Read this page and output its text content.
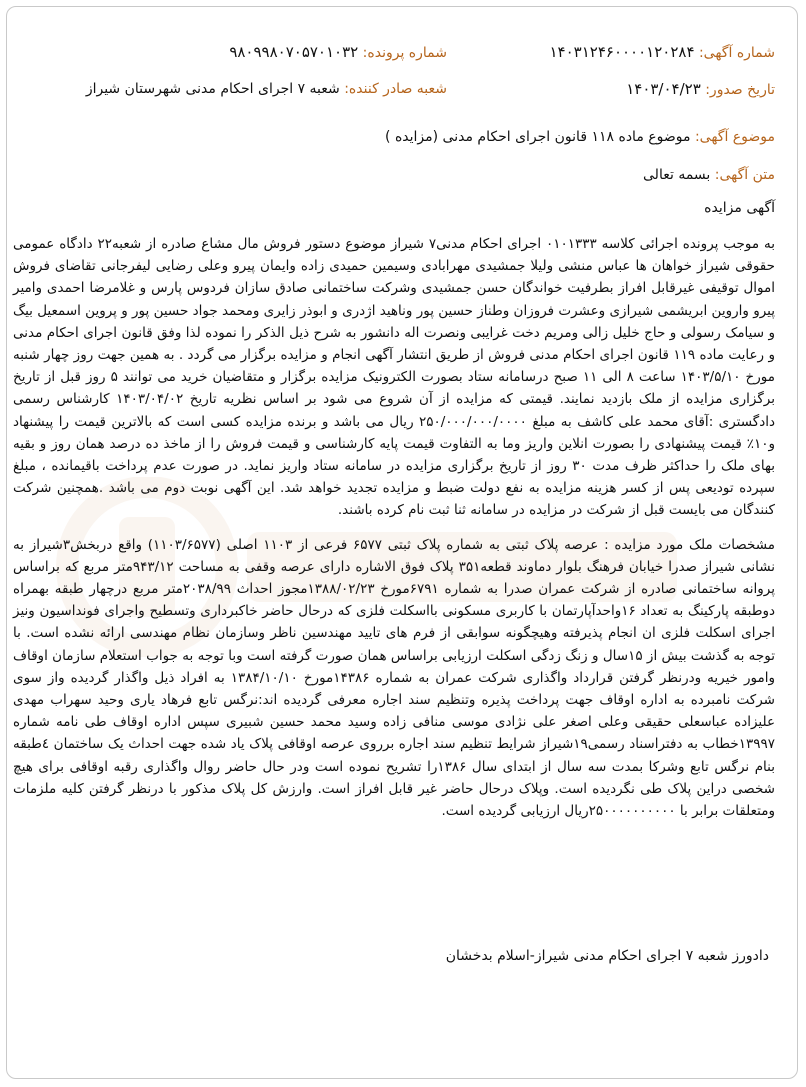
شماره آگهی: ۱۴۰۳۱۲۴۶۰۰۰۰۱۲۰۲۸۴
شماره پرونده: ۹۸۰۹۹۸۰۷۰۵۷۰۱۰۳۲
تاریخ صدور: ۱۴۰۳/۰۴/۲۳
شعبه صادر کننده: شعبه ۷ اجرای احکام مدنی شهرستان شیراز
موضوع آگهی: موضوع ماده ۱۱۸ قانون اجرای احکام مدنی (مزایده )
متن آگهی: بسمه تعالی
آگهی مزایده

به موجب پرونده اجرائی کلاسه ۰۱۰۱۳۳۳ اجرای احکام مدنی۷ شیراز موضوع دستور فروش مال مشاع صادره از شعبه۲۲ دادگاه عمومی حقوقی شیراز خواهان ها عباس منشی ولیلا جمشیدی مهرابادی وسیمین حمیدی زاده وایمان پیرو وعلی رضایی لیفرجانی تقاضای فروش اموال توقیفی غیرقابل افراز بطرفیت خواندگان حسن جمشیدی وشرکت ساختمانی صادق سازان فردوس پارس و غلامرضا احمدی وامیر پیرو واروین ابریشمی شیرازی وعشرت فروزان وطناز حسین پور وناهید اژدری و ابوذر زایری ومحمد جواد حسین پور و پروین اسمعیل بیگ و سیامک رسولی و حاج خلیل زالی ومریم دخت غرایبی ونصرت اله دانشور به شرح ذیل الذکر را نموده لذا وفق قانون اجرای احکام مدنی و رعایت ماده ۱۱۹ قانون اجرای احکام مدنی فروش از طریق انتشار آگهی انجام و مزایده برگزار می گردد . به همین جهت روز چهار شنبه مورخ ۱۴۰۳/۵/۱۰ ساعت ۸ الی ۱۱ صبح درسامانه ستاد بصورت الکترونیک مزایده برگزار و متقاضیان خرید می توانند ۵ روز قبل از تاریخ برگزاری مزایده از ملک بازدید نمایند. قیمتی که مزایده از آن شروع می شود بر اساس نظریه تاریخ ۱۴۰۳/۰۴/۰۲ کارشناس رسمی دادگستری :آقای محمد علی کاشف به مبلغ ۲۵۰/۰۰۰/۰۰۰/۰۰۰۰ ریال می باشد و برنده مزایده کسی است که بالاترین قیمت را پیشنهاد و۱۰٪ قیمت پیشنهادی را بصورت انلاین واریز وما به التفاوت قیمت پایه کارشناسی و قیمت فروش را از ماخذ ده درصد همان روز و بقیه بهای ملک را حداکثر ظرف مدت ۳۰ روز از تاریخ برگزاری مزایده در سامانه ستاد واریز نماید. در صورت عدم پرداخت باقیمانده ، مبلغ سپرده تودیعی پس از کسر هزینه مزایده به نفع دولت ضبط و مزایده تجدید خواهد شد. این آگهی نوبت دوم می باشد .همچنین شرکت کنندگان می بایست قبل از شرکت در مزایده در سامانه ثنا ثبت نام کرده باشند.

مشخصات ملک مورد مزایده : عرصه پلاک ثبتی به شماره پلاک ثبتی ۶۵۷۷ فرعی از ۱۱۰۳ اصلی (۱۱۰۳/۶۵۷۷) واقع دربخش۳شیراز به نشانی شیراز صدرا خیابان فرهنگ بلوار دماوند قطعه۳۵۱ پلاک فوق الاشاره دارای عرصه وقفی به مساحت ۹۴۳/۱۲متر مربع که براساس پروانه ساختمانی صادره از شرکت عمران صدرا به شماره ۶۷۹۱مورخ ۱۳۸۸/۰۲/۲۳مجوز احداث ۲۰۳۸/۹۹متر مربع درچهار طبقه بهمراه دوطبقه پارکینگ به تعداد ۱۶واحدآپارتمان با کاربری مسکونی بااسکلت فلزی که درحال حاضر خاکبرداری وتسطیح واجرای فونداسیون ونیز اجرای اسکلت فلزی ان انجام پذیرفته وهیچگونه سوابقی از فرم های تایید مهندسین ناظر وسازمان نظام مهندسی ارائه نشده است. با توجه به گذشت بیش از ۱۵سال و زنگ زدگی اسکلت ارزیابی براساس همان صورت گرفته است وبا توجه به جواب استعلام سازمان اوقاف وامور خیریه ودرنظر گرفتن قرارداد واگذاری شرکت عمران به شماره ۱۴۳۸۶مورخ ۱۳۸۴/۱۰/۱۰ به افراد ذیل واگذار گردیده واز سوی شرکت نامبرده به اداره اوقاف جهت پرداخت پذیره وتنظیم سند اجاره معرفی گردیده اند:نرگس تابع فرهاد یاری وحید سهراب مهدی علیزاده عباسعلی حقیقی وعلی اصغر علی نژادی موسی منافی زاده وسید محمد حسین شبیری سپس اداره اوقاف طی نامه شماره ۱۳۹۹۷خطاب به دفتراسناد رسمی۱۹شیراز شرایط تنظیم سند اجاره برروی عرصه اوقافی پلاک یاد شده جهت احداث یک ساختمان ٤طبقه بنام نرگس تابع وشرکا بمدت سه سال از ابتدای سال ۱۳۸۶را تشریح نموده است ودر حال حاضر روال واگذاری رقبه اوقافی برای هیچ شخصی دراین پلاک طی نگردیده است. وپلاک درحال حاضر غیر قابل افراز است. وارزش کل پلاک مذکور با درنظر گرفتن کلیه ملزمات ومتعلقات برابر با ۲۵۰۰۰۰۰۰۰۰۰۰ریال ارزیابی گردیده است.

دادورز شعبه ۷ اجرای احکام مدنی شیراز-اسلام بدخشان
